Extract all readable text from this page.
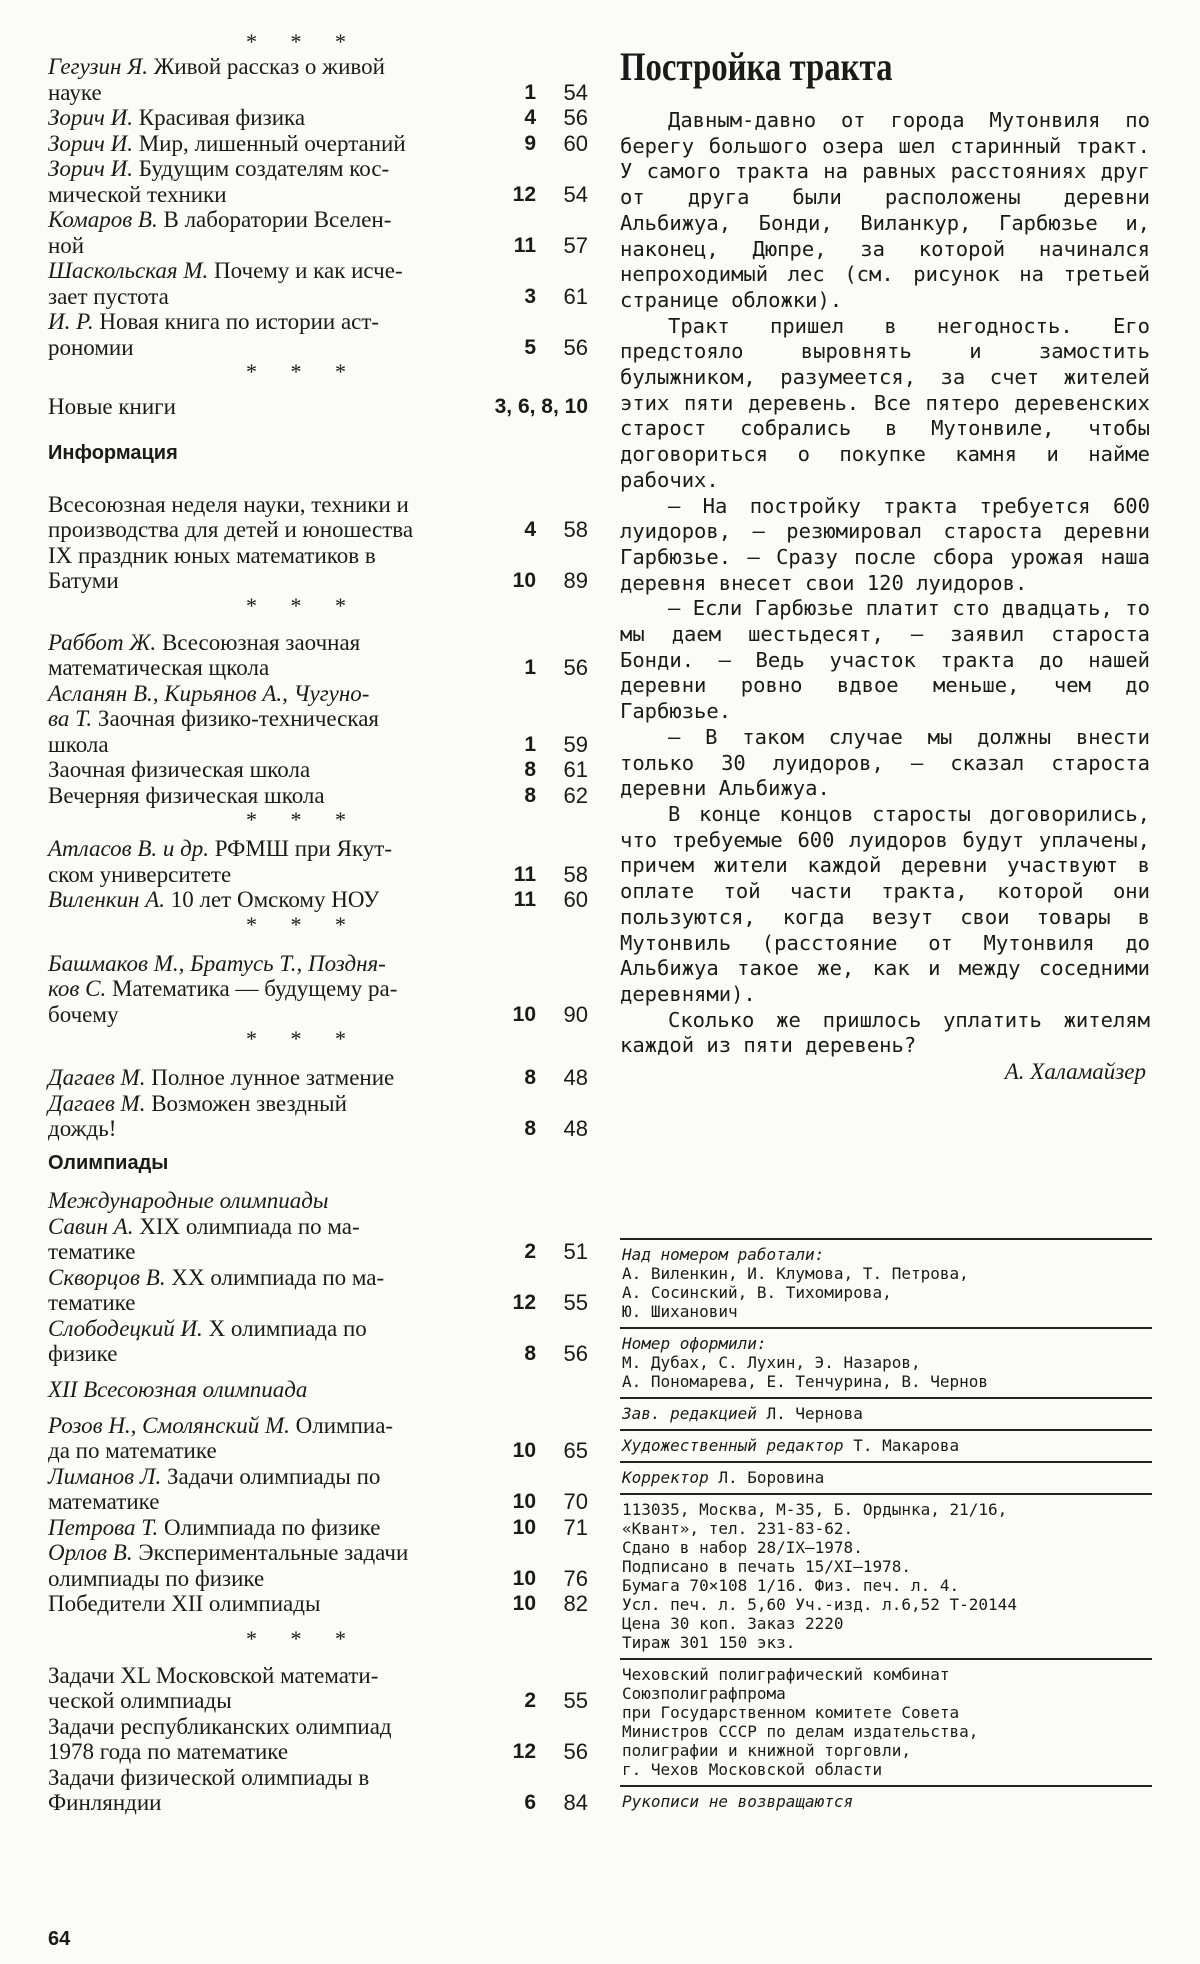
* * *
Гегузин Я. Живой рассказ о живой
науке	1	54
Зорич И. Красивая физика	4	56
Зорич И. Мир, лишенный очертаний	9	60
Зорич И. Будущим создателям кос-
мической техники	12	54
Комаров В. В лаборатории Вселен-
ной	11	57
Шаскольская М. Почему и как исче-
зает пустота	3	61
И. Р. Новая книга по истории аст-
рономии	5	56
* * *
Новые книги	3, 6, 8, 10
Информация
Всесоюзная неделя науки, техники и
производства для детей и юношества	4	58
IX праздник юных математиков в
Батуми	10	89
* * *
Раббот Ж. Всесоюзная заочная
математическая щкола	1	56
Асланян В., Кирьянов А., Чугуно-
ва Т. Заочная физико-техническая
школа	1	59
Заочная физическая школа	8	61
Вечерняя физическая школа	8	62
* * *
Атласов В. и др. РФМШ при Якут-
ском университете	11	58
Виленкин А. 10 лет Омскому НОУ	11	60
* * *
Башмаков М., Братусь Т., Поздня-
ков С. Математика — будущему ра-
бочему	10	90
* * *
Дагаев М. Полное лунное затмение	8	48
Дагаев М. Возможен звездный
дождь!	8	48
Олимпиады
Международные олимпиады
Савин А. XIX олимпиада по ма-
тематике	2	51
Скворцов В. XX олимпиада по ма-
тематике	12	55
Слободецкий И. X олимпиада по
физике	8	56
XII Всесоюзная олимпиада
Розов Н., Смолянский М. Олимпиа-
да по математике	10	65
Лиманов Л. Задачи олимпиады по
математике	10	70
Петрова Т. Олимпиада по физике	10	71
Орлов В. Экспериментальные задачи
олимпиады по физике	10	76
Победители XII олимпиады	10	82
* * *
Задачи XL Московской математи-
ческой олимпиады	2	55
Задачи республиканских олимпиад
1978 года по математике	12	56
Задачи физической олимпиады в
Финляндии	6	84
Постройка тракта
Давным-давно от города Мутонвиля по берегу большого озера шел старинный тракт. У самого тракта на равных расстояниях друг от друга были расположены деревни Альбижуа, Бонди, Виланкур, Гарбюзье и, наконец, Дюпре, за которой начинался непроходимый лес (см. рисунок на третьей странице обложки).
Тракт пришел в негодность. Его предстояло выровнять и замостить булыжником, разумеется, за счет жителей этих пяти деревень. Все пятеро деревенских старост собрались в Мутонвиле, чтобы договориться о покупке камня и найме рабочих.
— На постройку тракта требуется 600 луидоров, — резюмировал староста деревни Гарбюзье. — Сразу после сбора урожая наша деревня внесет свои 120 луидоров.
— Если Гарбюзье платит сто двадцать, то мы даем шестьдесят, — заявил староста Бонди. — Ведь участок тракта до нашей деревни ровно вдвое меньше, чем до Гарбюзье.
— В таком случае мы должны внести только 30 луидоров, — сказал староста деревни Альбижуа.
В конце концов старосты договорились, что требуемые 600 луидоров будут уплачены, причем жители каждой деревни участвуют в оплате той части тракта, которой они пользуются, когда везут свои товары в Мутонвиль (расстояние от Мутонвиля до Альбижуа такое же, как и между соседними деревнями).
Сколько же пришлось уплатить жителям каждой из пяти деревень?
А. Халамайзер
Над номером работали:
А. Виленкин, И. Клумова, Т. Петрова,
А. Сосинский, В. Тихомирова,
Ю. Шиханович
Номер оформили:
М. Дубах, С. Лухин, Э. Назаров,
А. Пономарева, Е. Тенчурина, В. Чернов
Зав. редакцией Л. Чернова
Художественный редактор Т. Макарова
Корректор Л. Боровина
113035, Москва, М-35, Б. Ордынка, 21/16,
«Квант», тел. 231-83-62.
Сдано в набор 28/IX—1978.
Подписано в печать 15/XI—1978.
Бумага 70×108 1/16. Физ. печ. л. 4.
Усл. печ. л. 5,60 Уч.-изд. л.6,52 Т-20144
Цена 30 коп. Заказ 2220
Тираж 301 150 экз.
Чеховский полиграфический комбинат
Союзполиграфпрома
при Государственном комитете Совета
Министров СССР по делам издательства,
полиграфии и книжной торговли,
г. Чехов Московской области
Рукописи не возвращаются
64
